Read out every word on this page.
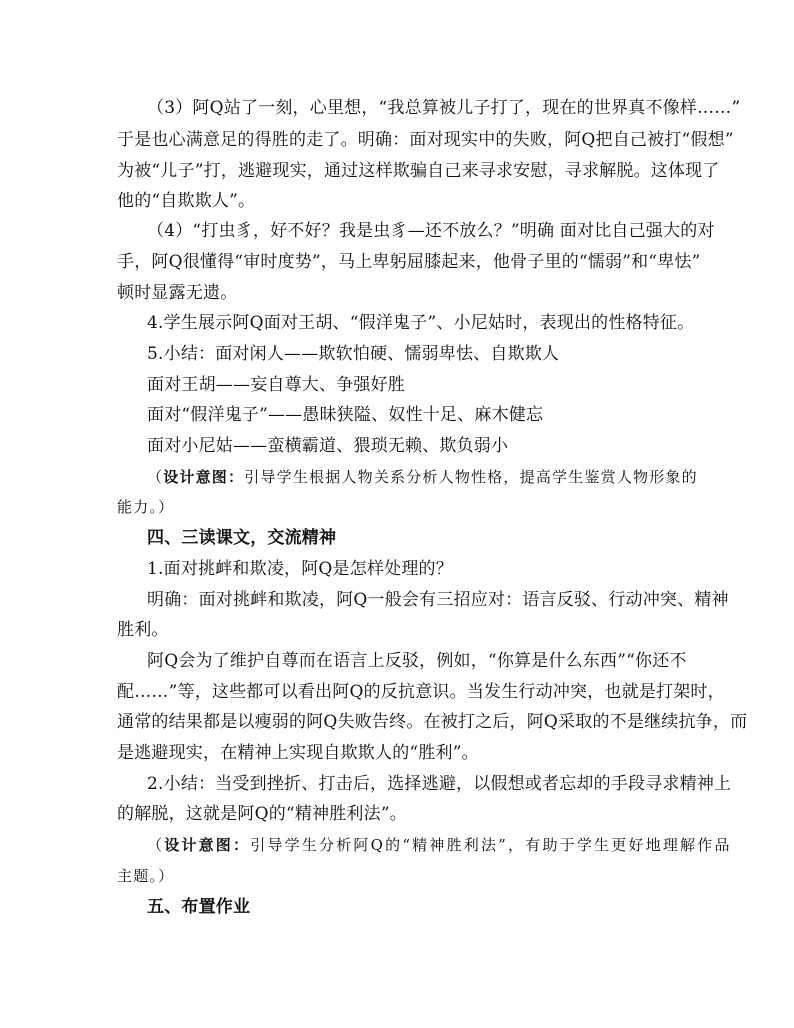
（3）阿Q站了一刻，心里想，“我总算被儿子打了，现在的世界真不像样……”
于是也心满意足的得胜的走了。明确：面对现实中的失败，阿Q把自己被打“假想”
为被“儿子”打，逃避现实，通过这样欺骗自己来寻求安慰，寻求解脱。这体现了
他的“自欺欺人”。
（4）“打虫豸，好不好？我是虫豸—还不放么？”明确 面对比自己强大的对
手，阿Q很懂得“审时度势”，马上卑躬屈膝起来，他骨子里的“懦弱”和“卑怯”
顿时显露无遗。
4.学生展示阿Q面对王胡、“假洋鬼子”、小尼姑时，表现出的性格特征。
5.小结：面对闲人——欺软怕硬、懦弱卑怯、自欺欺人
面对王胡——妄自尊大、争强好胜
面对“假洋鬼子”——愚昧狭隘、奴性十足、麻木健忘
面对小尼姑——蛮横霸道、猥琐无赖、欺负弱小
（设计意图：引导学生根据人物关系分析人物性格，提高学生鉴赏人物形象的
能力。）
四、三读课文，交流精神
1.面对挑衅和欺凌，阿Q是怎样处理的？
明确：面对挑衅和欺凌，阿Q一般会有三招应对：语言反驳、行动冲突、精神
胜利。
阿Q会为了维护自尊而在语言上反驳，例如，“你算是什么东西”“你还不
配……”等，这些都可以看出阿Q的反抗意识。当发生行动冲突，也就是打架时，
通常的结果都是以瘦弱的阿Q失败告终。在被打之后，阿Q采取的不是继续抗争，而
是逃避现实，在精神上实现自欺欺人的“胜利”。
2.小结：当受到挫折、打击后，选择逃避，以假想或者忘却的手段寻求精神上
的解脱，这就是阿Q的“精神胜利法”。
（设计意图：引导学生分析阿Q的“精神胜利法”，有助于学生更好地理解作品
主题。）
五、布置作业
